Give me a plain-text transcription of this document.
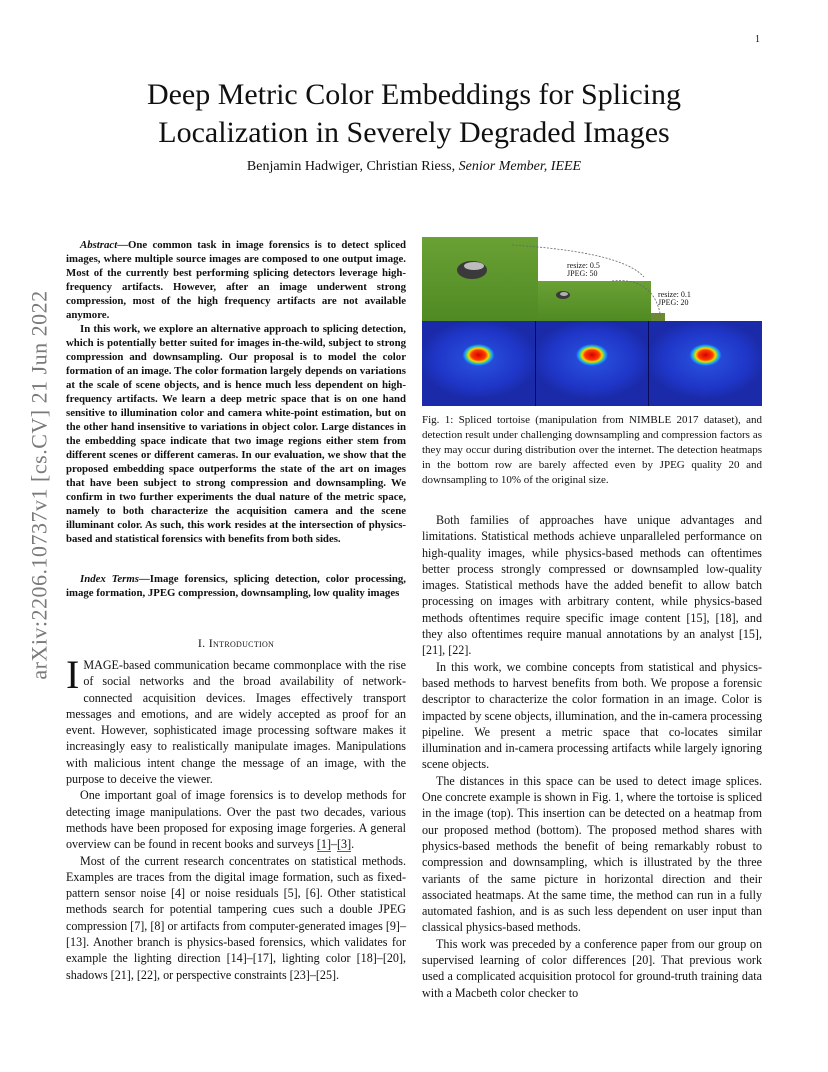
1
arXiv:2206.10737v1 [cs.CV] 21 Jun 2022
Deep Metric Color Embeddings for Splicing
Localization in Severely Degraded Images
Benjamin Hadwiger, Christian Riess, Senior Member, IEEE

Abstract—One common task in image forensics is to detect spliced images, where multiple source images are composed to one output image. Most of the currently best performing splicing detectors leverage high-frequency artifacts. However, after an image underwent strong compression, most of the high frequency artifacts are not available anymore.

In this work, we explore an alternative approach to splicing detection, which is potentially better suited for images in-the-wild, subject to strong compression and downsampling. Our proposal is to model the color formation of an image. The color formation largely depends on variations at the scale of scene objects, and is hence much less dependent on high-frequency artifacts. We learn a deep metric space that is on one hand sensitive to illumination color and camera white-point estimation, but on the other hand insensitive to variations in object color. Large distances in the embedding space indicate that two image regions either stem from different scenes or different cameras. In our evaluation, we show that the proposed embedding space outperforms the state of the art on images that have been subject to strong compression and downsampling. We confirm in two further experiments the dual nature of the metric space, namely to both characterize the acquisition camera and the scene illuminant color. As such, this work resides at the intersection of physics-based and statistical forensics with benefits from both sides.

Index Terms—Image forensics, splicing detection, color processing, image formation, JPEG compression, downsampling, low quality images
I. Introduction

IMAGE-based communication became commonplace with the rise of social networks and the broad availability of network-connected acquisition devices. Images effectively transport messages and emotions, and are widely accepted as proof for an event. However, sophisticated image processing software makes it increasingly easy to realistically manipulate images. Manipulations with malicious intent change the message of an image, with the purpose to deceive the viewer.

One important goal of image forensics is to develop methods for detecting image manipulations. Over the past two decades, various methods have been proposed for exposing image forgeries. A general overview can be found in recent books and surveys [1]–[3].

Most of the current research concentrates on statistical methods. Examples are traces from the digital image formation, such as fixed-pattern sensor noise [4] or noise residuals [5], [6]. Other statistical methods search for potential tampering cues such a double JPEG compression [7], [8] or artifacts from computer-generated images [9]–[13]. Another branch is physics-based forensics, which validates for example the lighting direction [14]–[17], lighting color [18]–[20], shadows [21], [22], or perspective constraints [23]–[25].

resize: 0.5
JPEG: 50
resize: 0.1
JPEG: 20
Fig. 1: Spliced tortoise (manipulation from NIMBLE 2017 dataset), and detection result under challenging downsampling and compression factors as they may occur during distribution over the internet. The detection heatmaps in the bottom row are barely affected even by JPEG quality 20 and downsampling to 10% of the original size.

Both families of approaches have unique advantages and limitations. Statistical methods achieve unparalleled performance on high-quality images, while physics-based methods can oftentimes better process strongly compressed or downsampled low-quality images. Statistical methods have the added benefit to allow batch processing on images with arbitrary content, while physics-based methods oftentimes require specific image content [15], [18], and they also oftentimes require manual annotations by an analyst [15], [21], [22].

In this work, we combine concepts from statistical and physics-based methods to harvest benefits from both. We propose a forensic descriptor to characterize the color formation in an image. Color is impacted by scene objects, illumination, and the in-camera processing pipeline. We present a metric space that co-locates similar illumination and in-camera processing artifacts while largely ignoring scene objects.

The distances in this space can be used to detect image splices. One concrete example is shown in Fig. 1, where the tortoise is spliced in the image (top). This insertion can be detected on a heatmap from our proposed method (bottom). The proposed method shares with physics-based methods the benefit of being remarkably robust to compression and downsampling, which is illustrated by the three variants of the same picture in horizontal direction and their associated heatmaps. At the same time, the method can run in a fully automated fashion, and is as such less dependent on user input than classical physics-based methods.

This work was preceded by a conference paper from our group on supervised learning of color differences [20]. That previous work used a complicated acquisition protocol for ground-truth training data with a Macbeth color checker to
